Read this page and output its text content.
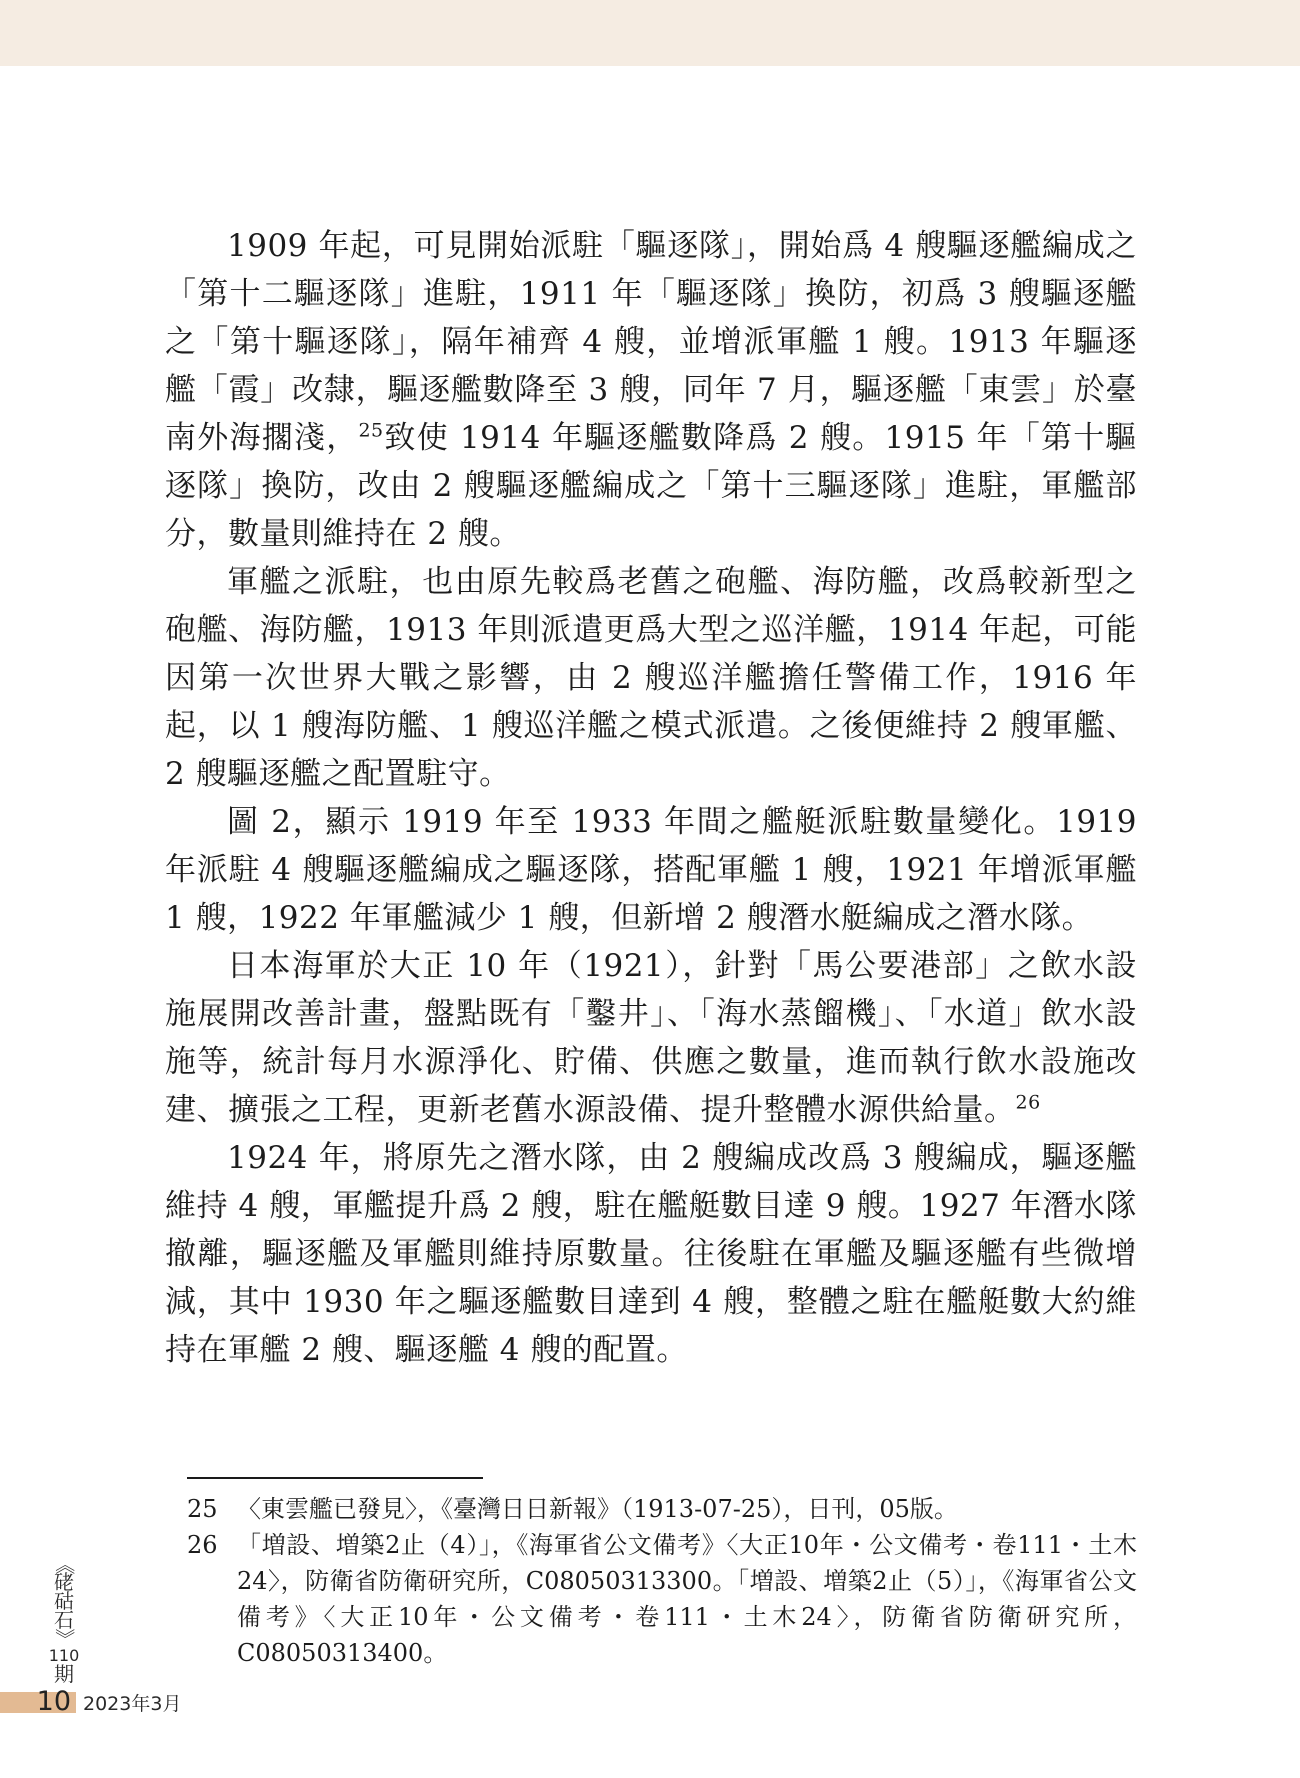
1909 年起，可見開始派駐「驅逐隊」，開始爲 4 艘驅逐艦編成之「第十二驅逐隊」進駐，1911 年「驅逐隊」換防，初爲 3 艘驅逐艦之「第十驅逐隊」，隔年補齊 4 艘，並增派軍艦 1 艘。1913 年驅逐艦「霞」改隸，驅逐艦數降至 3 艘，同年 7 月，驅逐艦「東雲」於臺南外海擱淺，$^{25}$致使 1914 年驅逐艦數降爲 2 艘。1915 年「第十驅逐隊」換防，改由 2 艘驅逐艦編成之「第十三驅逐隊」進駐，軍艦部分，數量則維持在 2 艘。

軍艦之派駐，也由原先較爲老舊之砲艦、海防艦，改爲較新型之砲艦、海防艦，1913 年則派遣更爲大型之巡洋艦，1914 年起，可能因第一次世界大戰之影響，由 2 艘巡洋艦擔任警備工作，1916 年起，以 1 艘海防艦、1 艘巡洋艦之模式派遣。之後便維持 2 艘軍艦、2 艘驅逐艦之配置駐守。

圖 2，顯示 1919 年至 1933 年間之艦艇派駐數量變化。1919 年派駐 4 艘驅逐艦編成之驅逐隊，搭配軍艦 1 艘，1921 年增派軍艦 1 艘，1922 年軍艦減少 1 艘，但新增 2 艘潛水艇編成之潛水隊。

日本海軍於大正 10 年（1921），針對「馬公要港部」之飲水設施展開改善計畫，盤點既有「鑿井」、「海水蒸餾機」、「水道」飲水設施等，統計每月水源淨化、貯備、供應之數量，進而執行飲水設施改建、擴張之工程，更新老舊水源設備、提升整體水源供給量。$^{26}$

1924 年，將原先之潛水隊，由 2 艘編成改爲 3 艘編成，驅逐艦維持 4 艘，軍艦提升爲 2 艘，駐在艦艇數目達 9 艘。1927 年潛水隊撤離，驅逐艦及軍艦則維持原數量。往後駐在軍艦及驅逐艦有些微增減，其中 1930 年之驅逐艦數目達到 4 艘，整體之駐在艦艇數大約維持在軍艦 2 艘、驅逐艦 4 艘的配置。

25 〈東雲艦已發見〉，《臺灣日日新報》（1913-07-25），日刊，05版。
26 「増設、増築2止（4）」，《海軍省公文備考》〈大正10年・公文備考・卷111・土木24〉，防衛省防衛研究所，C08050313300。「増設、増築2止（5）」，《海軍省公文備考》〈大正10年・公文備考・卷111・土木24〉，防衛省防衛研究所，C08050313400。
《
硓
𥑮
石
》
110
期
10 2023年3月
